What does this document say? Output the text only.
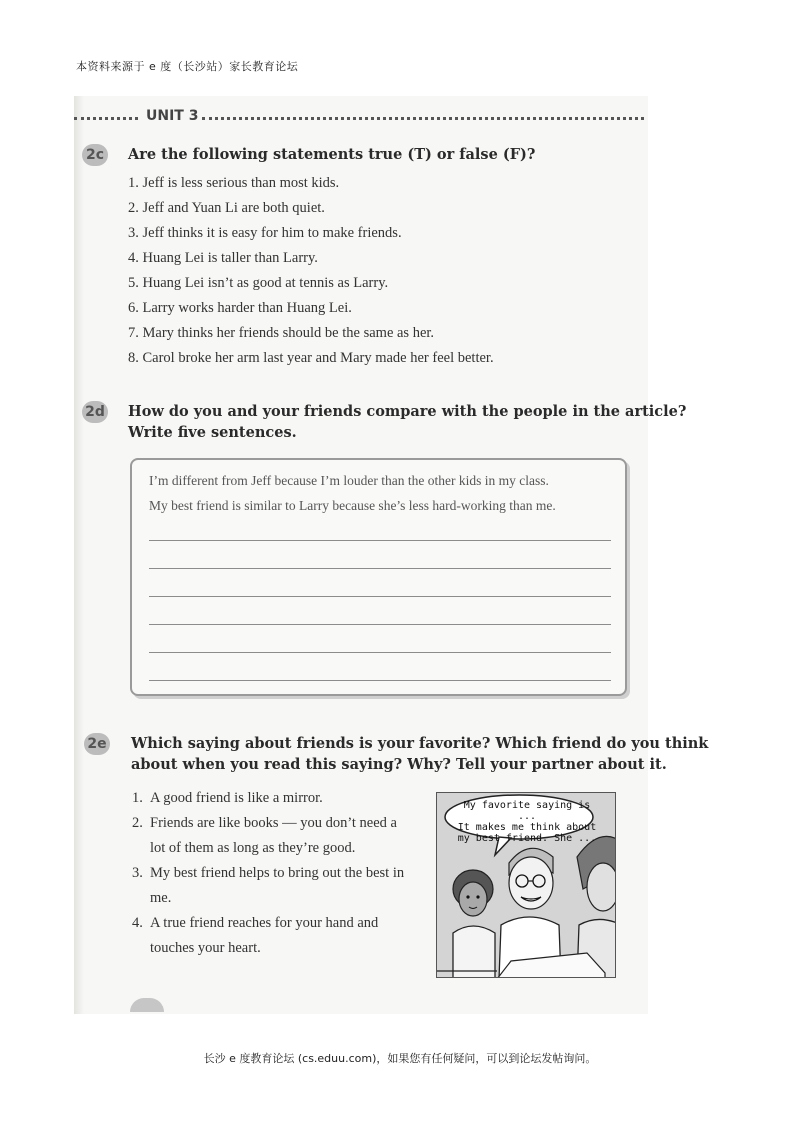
本资料来源于 e 度（长沙站）家长教育论坛
UNIT 3
2c Are the following statements true (T) or false (F)?
1. Jeff is less serious than most kids.
2. Jeff and Yuan Li are both quiet.
3. Jeff thinks it is easy for him to make friends.
4. Huang Lei is taller than Larry.
5. Huang Lei isn’t as good at tennis as Larry.
6. Larry works harder than Huang Lei.
7. Mary thinks her friends should be the same as her.
8. Carol broke her arm last year and Mary made her feel better.
2d How do you and your friends compare with the people in the article?
Write five sentences.
I’m different from Jeff because I’m louder than the other kids in my class.
My best friend is similar to Larry because she’s less hard-working than me.
2e Which saying about friends is your favorite? Which friend do you think
about when you read this saying? Why? Tell your partner about it.
1. A good friend is like a mirror.
2. Friends are like books — you don’t need a lot of them as long as they’re good.
3. My best friend helps to bring out the best in me.
4. A true friend reaches for your hand and touches your heart.
My favorite saying is ...
It makes me think about
my best friend. She ...
长沙 e 度教育论坛 (cs.eduu.com)，如果您有任何疑问，可以到论坛发帖询问。
